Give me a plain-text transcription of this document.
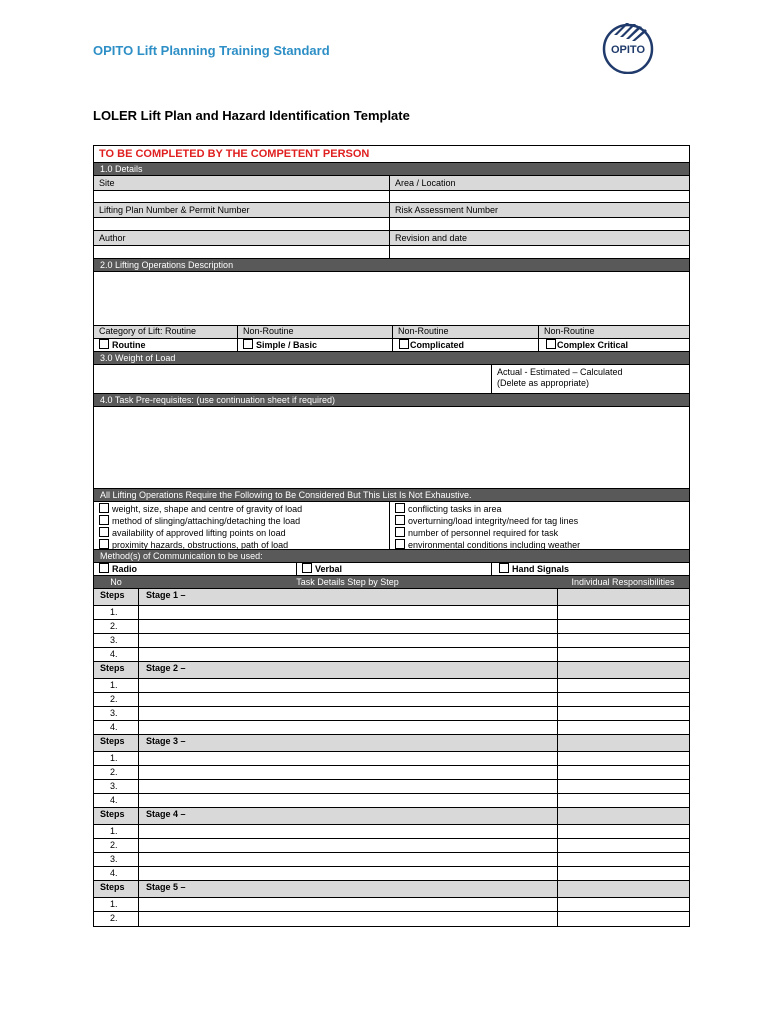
OPITO Lift Planning Training Standard	OPITO
LOLER Lift Plan and Hazard Identification Template
TO BE COMPLETED BY THE COMPETENT PERSON
1.0 Details
Site	Area / Location
Lifting Plan Number & Permit Number	Risk Assessment Number
Author	Revision and date
2.0 Lifting Operations Description
Category of Lift: Routine	Non-Routine	Non-Routine	Non-Routine
Routine	Simple / Basic	Complicated	Complex Critical
3.0 Weight of Load
Actual - Estimated – Calculated
(Delete as appropriate)
4.0 Task Pre-requisites: (use continuation sheet if required)
All Lifting Operations Require the Following to Be Considered But This List Is Not Exhaustive.
weight, size, shape and centre of gravity of load
method of slinging/attaching/detaching the load
availability of approved lifting points on load
proximity hazards, obstructions, path of load
conflicting tasks in area
overturning/load integrity/need for tag lines
number of personnel required for task
environmental conditions including weather
Method(s) of Communication to be used:
Radio	Verbal	Hand Signals
No	Task Details Step by Step	Individual Responsibilities
Steps	Stage 1 –
1.
2.
3.
4.
Steps	Stage 2 –
1.
2.
3.
4.
Steps	Stage 3 –
1.
2.
3.
4.
Steps	Stage 4 –
1.
2.
3.
4.
Steps	Stage 5 –
1.
2.
